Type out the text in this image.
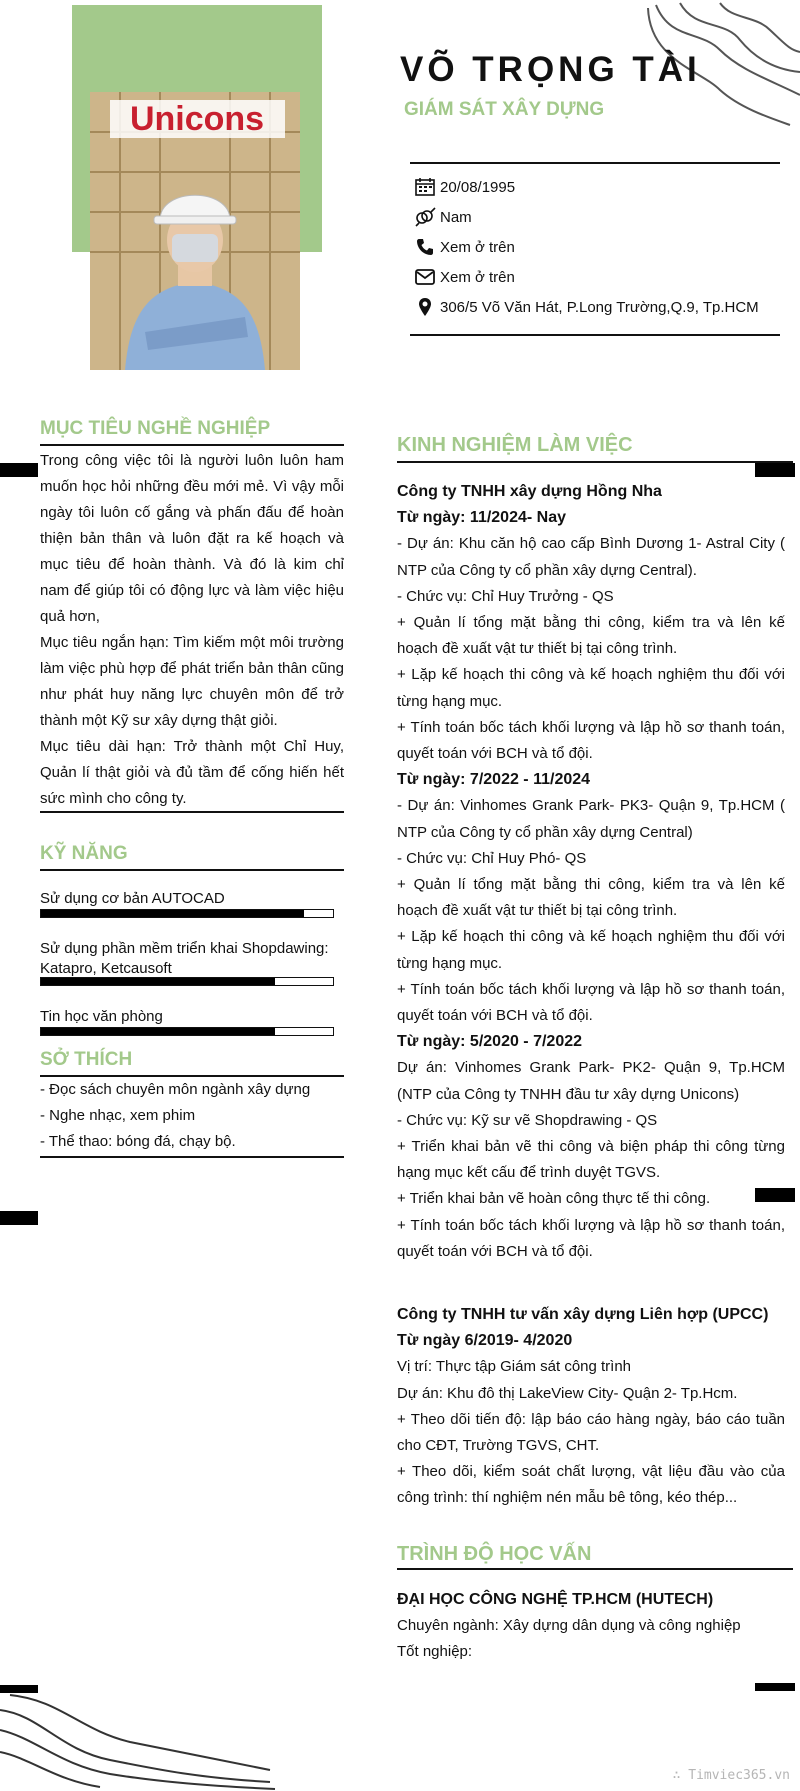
Unicons
VÕ TRỌNG TÀI
GIÁM SÁT XÂY DỰNG
20/08/1995
Nam
Xem ở trên
Xem ở trên
306/5 Võ Văn Hát, P.Long Trường,Q.9, Tp.HCM
MỤC TIÊU NGHỀ NGHIỆP

Trong công việc tôi là người luôn luôn ham muốn học hỏi những đều mới mẻ. Vì vậy mỗi ngày tôi luôn cố gắng và phấn đấu để hoàn thiện bản thân và luôn đặt ra kế hoạch và mục tiêu để hoàn thành. Và đó là kim chỉ nam để giúp tôi có động lực và làm việc hiệu quả hơn,

Mục tiêu ngắn hạn: Tìm kiếm một môi trường làm việc phù hợp để phát triển bản thân cũng như phát huy năng lực chuyên môn để trở thành một Kỹ sư xây dựng thật giỏi.

Mục tiêu dài hạn: Trở thành một Chỉ Huy, Quản lí thật giỏi và đủ tầm để cống hiến hết sức mình cho công ty.

KỸ NĂNG
Sử dụng cơ bản AUTOCAD
Sử dụng phần mềm triển khai Shopdawing: Katapro, Ketcausoft
Tin học văn phòng
SỞ THÍCH

- Đọc sách chuyên môn ngành xây dựng

- Nghe nhạc, xem phim

- Thể thao: bóng đá, chạy bộ.

KINH NGHIỆM LÀM VIỆC
Công ty TNHH xây dựng Hồng Nha
Từ ngày: 11/2024- Nay
- Dự án: Khu căn hộ cao cấp Bình Dương 1- Astral City ( NTP của Công ty cổ phần xây dựng Central).
- Chức vụ: Chỉ Huy Trưởng - QS
+ Quản lí tổng mặt bằng thi công, kiểm tra và lên kế hoạch đề xuất vật tư thiết bị tại công trình.
+ Lặp kế hoạch thi công và kế hoạch nghiệm thu đối với từng hạng mục.
+ Tính toán bốc tách khối lượng và lập hồ sơ thanh toán, quyết toán với BCH và tổ đội.
Từ ngày: 7/2022 - 11/2024
- Dự án: Vinhomes Grank Park- PK3- Quận 9, Tp.HCM ( NTP của Công ty cổ phần xây dựng Central)
- Chức vụ: Chỉ Huy Phó- QS
+ Quản lí tổng mặt bằng thi công, kiểm tra và lên kế hoạch đề xuất vật tư thiết bị tại công trình.
+ Lặp kế hoạch thi công và kế hoạch nghiệm thu đối với từng hạng mục.
+ Tính toán bốc tách khối lượng và lập hồ sơ thanh toán, quyết toán với BCH và tổ đội.
Từ ngày: 5/2020 - 7/2022
Dự án: Vinhomes Grank Park- PK2- Quận 9, Tp.HCM (NTP của Công ty TNHH đầu tư xây dựng Unicons)
- Chức vụ: Kỹ sư vẽ Shopdrawing - QS
+ Triển khai bản vẽ thi công và biện pháp thi công từng hạng mục kết cấu để trình duyệt TGVS.
+ Triển khai bản vẽ hoàn công thực tế thi công.
+ Tính toán bốc tách khối lượng và lập hồ sơ thanh toán, quyết toán với BCH và tổ đội.
Công ty TNHH tư vấn xây dựng Liên hợp (UPCC)
Từ ngày 6/2019- 4/2020
Vị trí: Thực tập Giám sát công trình
Dự án: Khu đô thị LakeView City- Quận 2- Tp.Hcm.
+ Theo dõi tiến độ: lập báo cáo hàng ngày, báo cáo tuần cho CĐT, Trường TGVS, CHT.
+ Theo dõi, kiểm soát chất lượng, vật liệu đầu vào của công trình: thí nghiệm nén mẫu bê tông, kéo thép...
TRÌNH ĐỘ HỌC VẤN
ĐẠI HỌC CÔNG NGHỆ TP.HCM (HUTECH)
Chuyên ngành: Xây dựng dân dụng và công nghiệp
Tốt nghiệp:
∴ Timviec365.vn
